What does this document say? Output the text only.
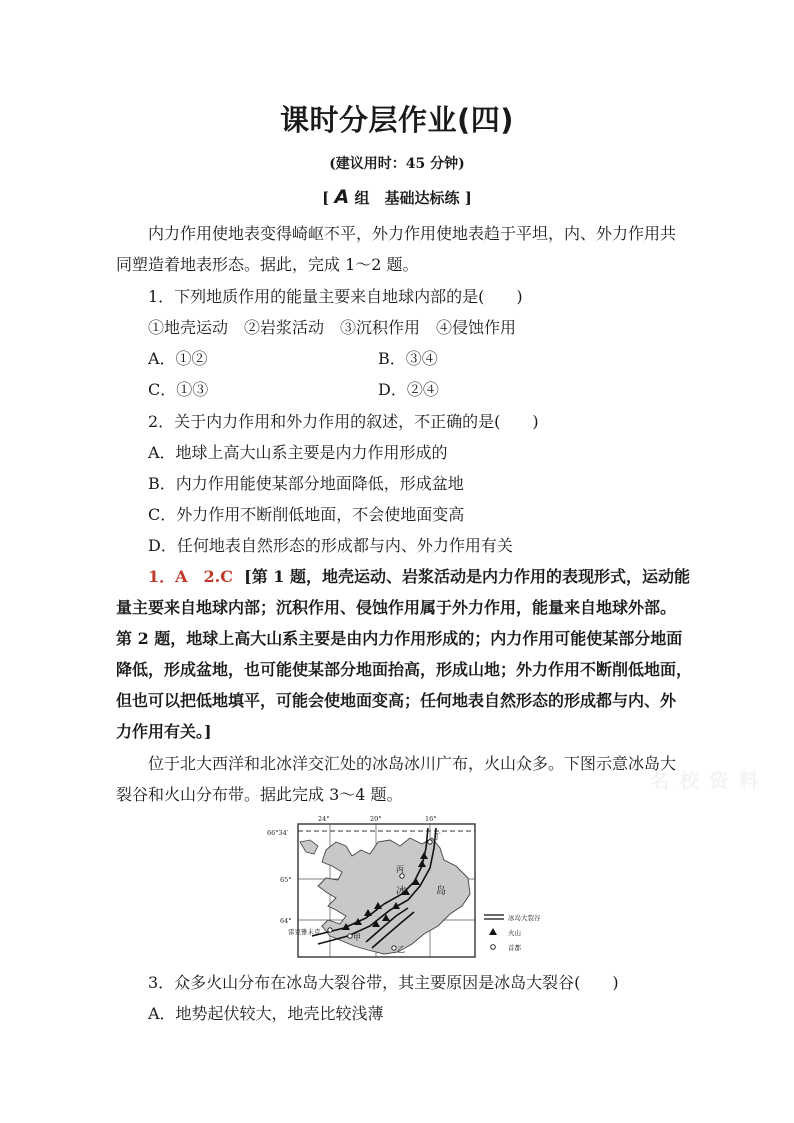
课时分层作业(四)
(建议用时：45 分钟)
[ A 组　基础达标练 ]
内力作用使地表变得崎岖不平，外力作用使地表趋于平坦，内、外力作用共
同塑造着地表形态。据此，完成 1～2 题。
1．下列地质作用的能量主要来自地球内部的是(　　)
①地壳运动　②岩浆活动　③沉积作用　④侵蚀作用
A．①②	B．③④
C．①③	D．②④
2．关于内力作用和外力作用的叙述，不正确的是(　　)
A．地球上高大山系主要是内力作用形成的
B．内力作用能使某部分地面降低，形成盆地
C．外力作用不断削低地面，不会使地面变高
D．任何地表自然形态的形成都与内、外力作用有关
1．A　2.C [第 1 题，地壳运动、岩浆活动是内力作用的表现形式，运动能
量主要来自地球内部；沉积作用、侵蚀作用属于外力作用，能量来自地球外部。
第 2 题，地球上高大山系主要是由内力作用形成的；内力作用可能使某部分地面
降低，形成盆地，也可能使某部分地面抬高，形成山地；外力作用不断削低地面，
但也可以把低地填平，可能会使地面变高；任何地表自然形态的形成都与内、外
力作用有关。]
位于北大西洋和北冰洋交汇处的冰岛冰川广布，火山众多。下图示意冰岛大
裂谷和火山分布带。据此完成 3～4 题。
名 校 资 料
24°	20°	16°
66°34′
65°
64°
丁
丙
甲
乙
冰	岛
雷克雅未克
冰岛大裂谷
火山
首都
3．众多火山分布在冰岛大裂谷带，其主要原因是冰岛大裂谷(　　)
A．地势起伏较大，地壳比较浅薄
